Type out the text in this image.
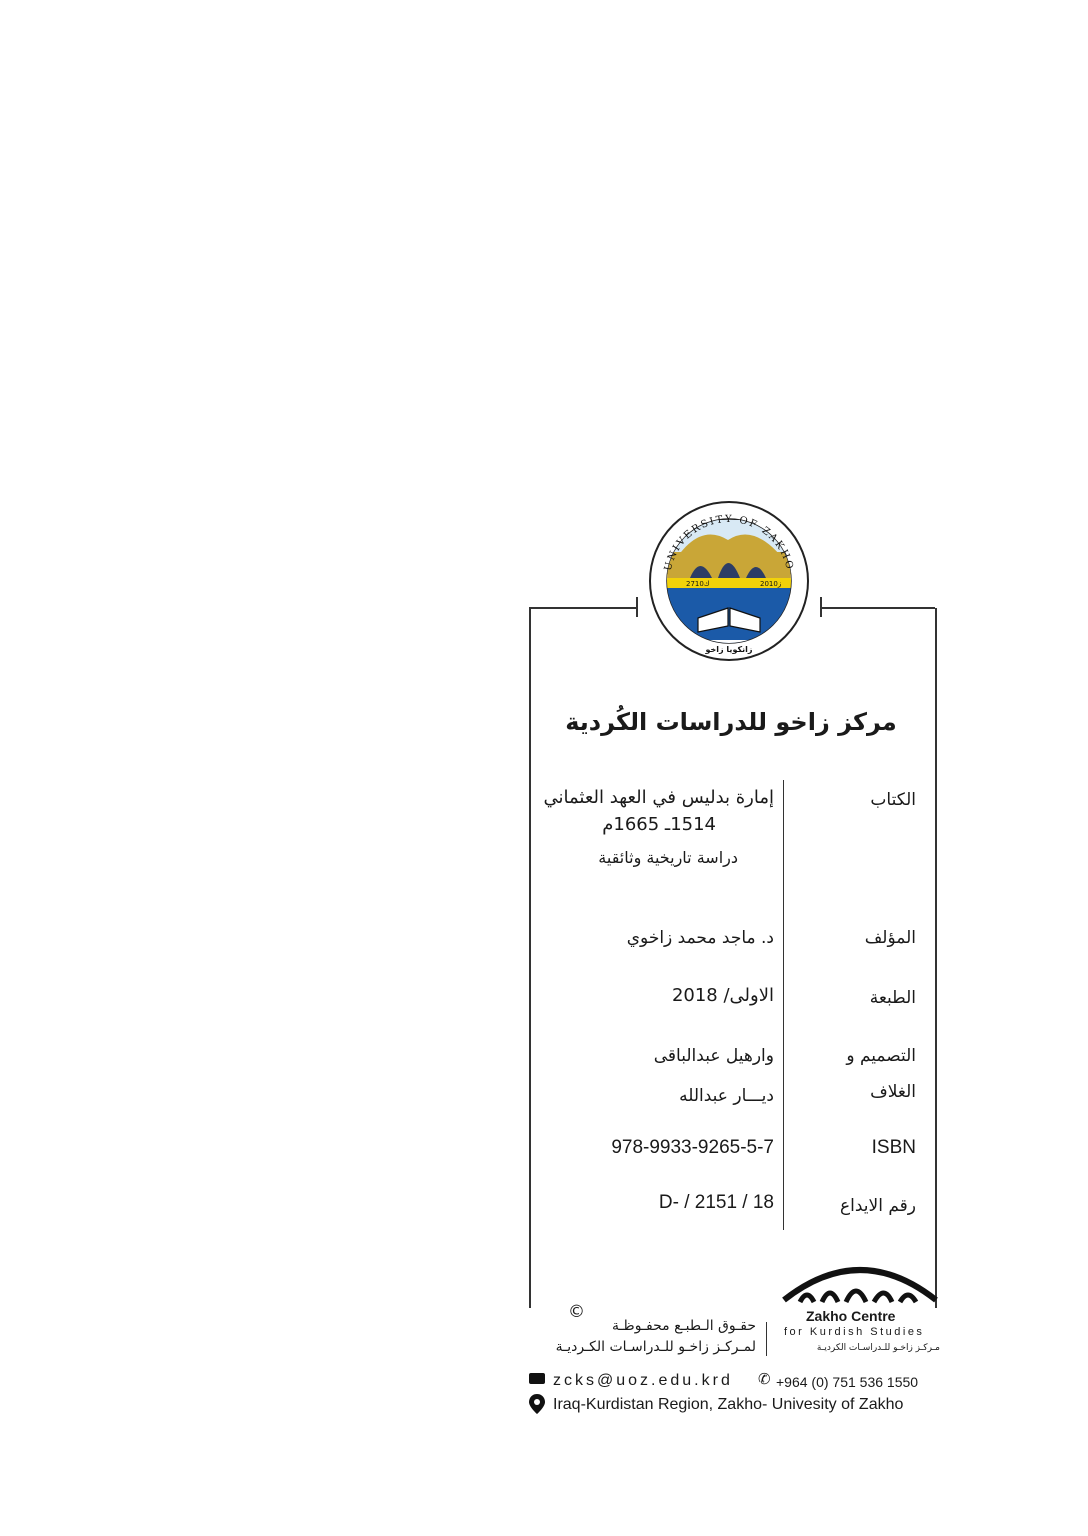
UNIVERSITY OF ZAKHO
2710ك	2010ز
زانكويا زاخو
مركز زاخو للدراسات الكُردية
الكتاب
إمارة بدليس في العهد العثماني
1514ـ 1665م
دراسة تاريخية وثائقية
المؤلف
د. ماجد محمد زاخوي
الطبعة
الاولى/ 2018
التصميم و
الغلاف
وارهيل عبدالباقى
ديـــار عبدالله
ISBN
978-9933-9265-5-7
رقم الايداع
D- / 2151 / 18
©
حقـوق الـطبـع محفـوظـة
لمـركـز زاخـو للـدراسـات الكـرديـة
Zakho Centre
for Kurdish Studies
مـركـز زاخـو للـدراسـات الكرديـة
zcks@uoz.edu.krd ✆ +964 (0) 751 536 1550
Iraq-Kurdistan Region, Zakho- Univesity of Zakho
